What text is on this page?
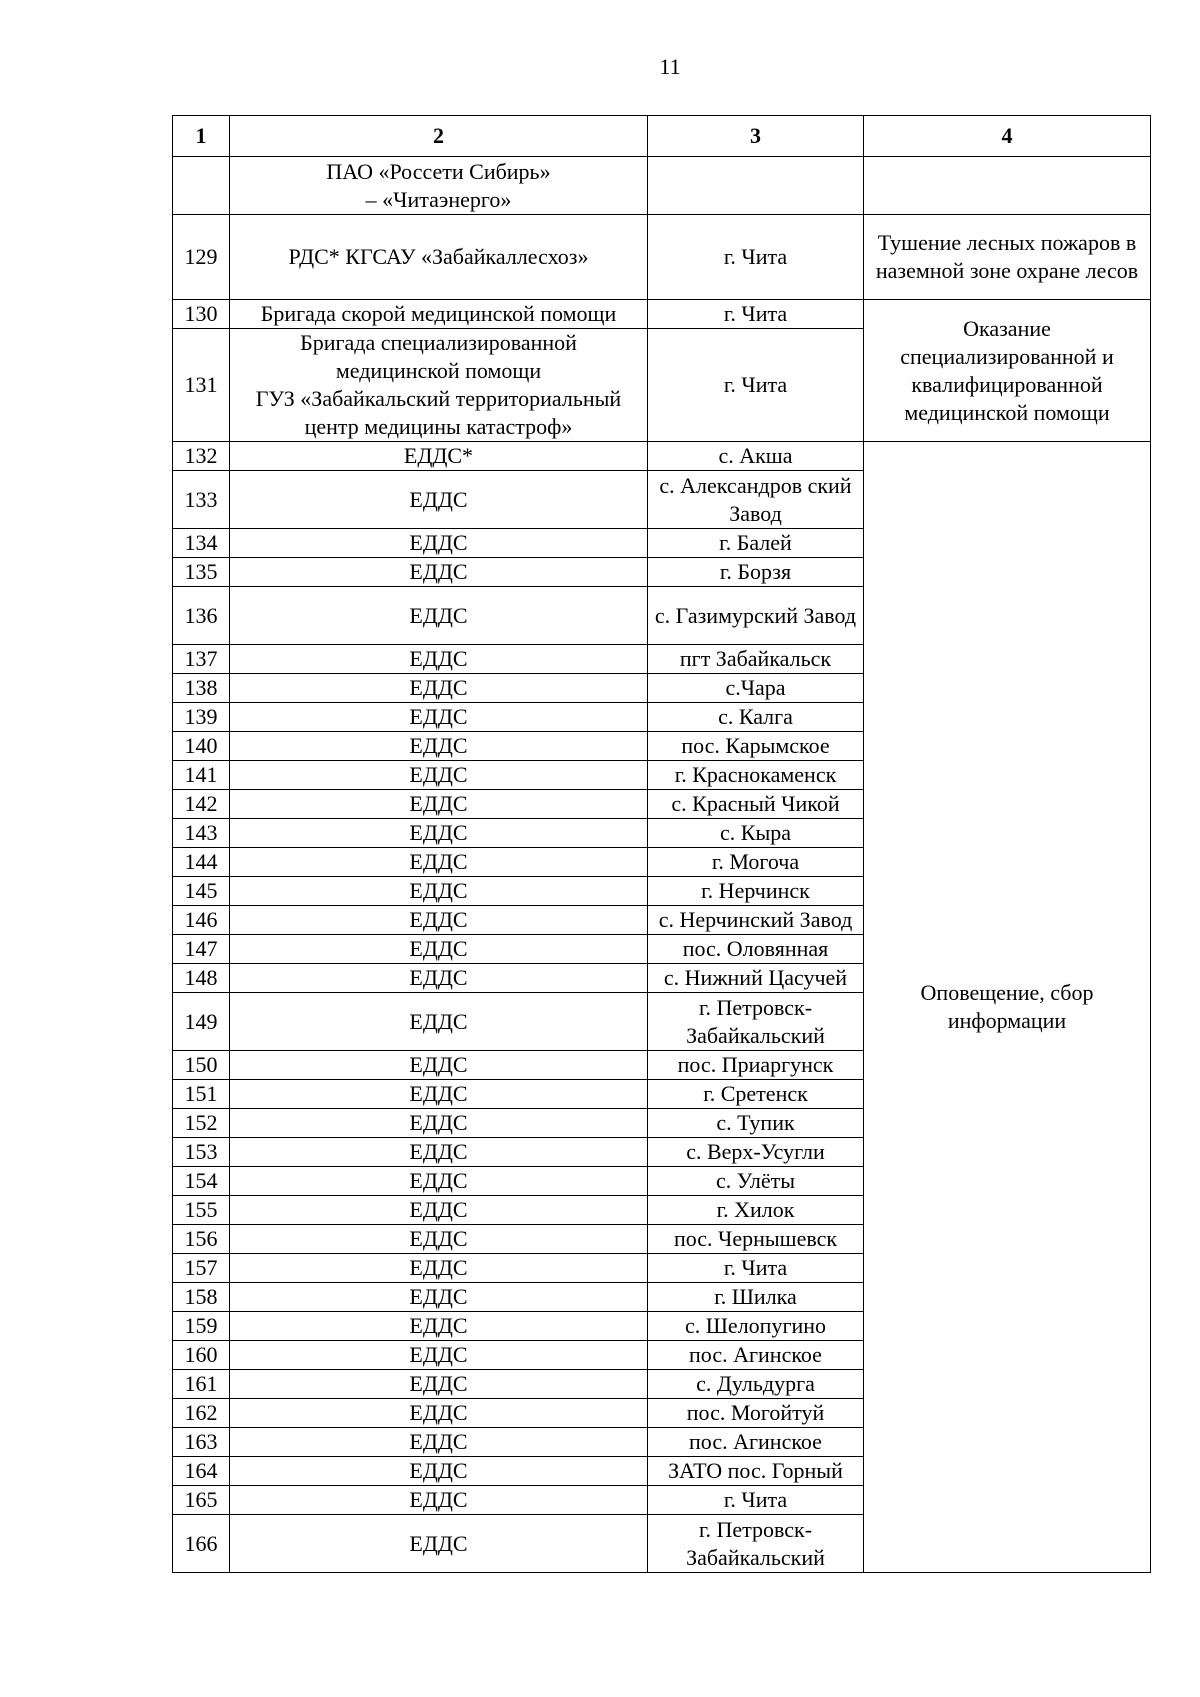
11
1	2	3	4

	ПАО «Россети Сибирь»
– «Читаэнерго»		

129	РДС* КГСАУ «Забайкаллесхоз»	г. Чита	Тушение лесных пожаров в наземной зоне охране лесов
130	Бригада скорой медицинской помощи	г. Чита	Оказание специализированной и квалифицированной медицинской помощи
131	Бригада специализированной
медицинской помощи
ГУЗ «Забайкальский территориальный
центр медицины катастроф»	г. Чита	
132	ЕДДС*	с. Акша	Оповещение, сбор информации
133	ЕДДС	с. Александров ский Завод	
134	ЕДДС	г. Балей	
135	ЕДДС	г. Борзя	
136	ЕДДС	с. Газимурский Завод	
137	ЕДДС	пгт Забайкальск	
138	ЕДДС	с.Чара	
139	ЕДДС	с. Калга	
140	ЕДДС	пос. Карымское	
141	ЕДДС	г. Краснокаменск	
142	ЕДДС	с. Красный Чикой	
143	ЕДДС	с. Кыра	
144	ЕДДС	г. Могоча	
145	ЕДДС	г. Нерчинск	
146	ЕДДС	с. Нерчинский Завод	
147	ЕДДС	пос. Оловянная	
148	ЕДДС	с. Нижний Цасучей	
149	ЕДДС	г. Петровск-Забайкальский	
150	ЕДДС	пос. Приаргунск	
151	ЕДДС	г. Сретенск	
152	ЕДДС	с. Тупик	
153	ЕДДС	с. Верх-Усугли	
154	ЕДДС	с. Улёты	
155	ЕДДС	г. Хилок	
156	ЕДДС	пос. Чернышевск	
157	ЕДДС	г. Чита	
158	ЕДДС	г. Шилка	
159	ЕДДС	с. Шелопугино	
160	ЕДДС	пос. Агинское	
161	ЕДДС	с. Дульдурга	
162	ЕДДС	пос. Могойтуй	
163	ЕДДС	пос. Агинское	
164	ЕДДС	ЗАТО пос. Горный	
165	ЕДДС	г. Чита	
166	ЕДДС	г. Петровск-Забайкальский	
